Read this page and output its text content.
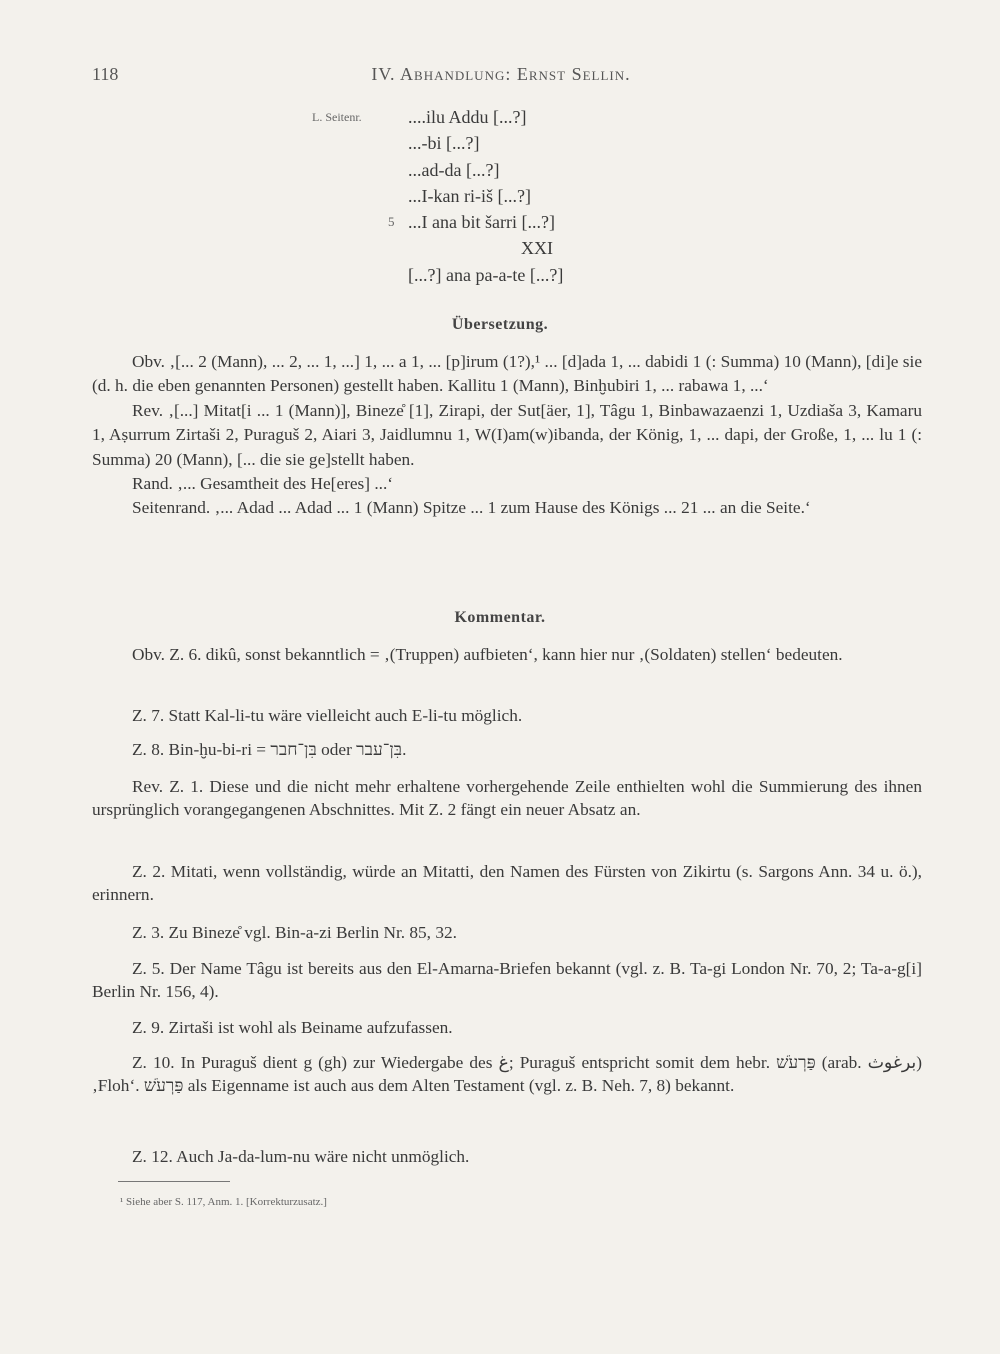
118	IV. Abhandlung: Ernst Sellin.
L. Seitenr.	....ilu Addu [...?]
...-bi [...?]
...ad-da [...?]
...I-kan ri-iš [...?]
5 ...I ana bit šarri [...?]
XXI
[...?] ana pa-a-te [...?]
Übersetzung.

Obv. ‚[... 2 (Mann), ... 2, ... 1, ...] 1, ... a 1, ... [p]irum (1?),¹ ... [d]ada 1, ... dabidi 1 (: Summa) 10 (Mann), [di]e sie (d. h. die eben genannten Personen) gestellt haben. Kallitu 1 (Mann), Binḫubiri 1, ... rabawa 1, ...‘

Rev. ‚[...] Mitat[i ... 1 (Mann)], Bineze̊ [1], Zirapi, der Sut[äer, 1], Tâgu 1, Binbawazaenzi 1, Uzdiaša 3, Kamaru 1, Aṣurrum Zirtaši 2, Puraguš 2, Aiari 3, Jaidlumnu 1, W(I)am(w)ibanda, der König, 1, ... dapi, der Große, 1, ... lu 1 (: Summa) 20 (Mann), [... die sie ge]stellt haben.

Rand. ‚... Gesamtheit des He[eres] ...‘

Seitenrand. ‚... Adad ... Adad ... 1 (Mann) Spitze ... 1 zum Hause des Königs ... 21 ... an die Seite.‘

Kommentar.

Obv. Z. 6. dikû, sonst bekanntlich = ‚(Truppen) aufbieten‘, kann hier nur ‚(Soldaten) stellen‘ bedeuten.

Z. 7. Statt Kal-li-tu wäre vielleicht auch E-li-tu möglich.

Z. 8. Bin-ḫu-bi-ri = בִּן־חבר oder בִּן־עבר.

Rev. Z. 1. Diese und die nicht mehr erhaltene vorhergehende Zeile enthielten wohl die Summierung des ihnen ursprünglich vorangegangenen Abschnittes. Mit Z. 2 fängt ein neuer Absatz an.

Z. 2. Mitati, wenn vollständig, würde an Mitatti, den Namen des Fürsten von Zikirtu (s. Sargons Ann. 34 u. ö.), erinnern.

Z. 3. Zu Bineze̊ vgl. Bin-a-zi Berlin Nr. 85, 32.

Z. 5. Der Name Tâgu ist bereits aus den El-Amarna-Briefen bekannt (vgl. z. B. Ta-gi London Nr. 70, 2; Ta-a-g[i] Berlin Nr. 156, 4).

Z. 9. Zirtaši ist wohl als Beiname aufzufassen.

Z. 10. In Puraguš dient g (gh) zur Wiedergabe des غ; Puraguš entspricht somit dem hebr. פַּרְעֹשׁ (arab. برغوث) ‚Floh‘. פַּרְעֹשׁ als Eigenname ist auch aus dem Alten Testament (vgl. z. B. Neh. 7, 8) bekannt.

Z. 12. Auch Ja-da-lum-nu wäre nicht unmöglich.

¹ Siehe aber S. 117, Anm. 1. [Korrekturzusatz.]
